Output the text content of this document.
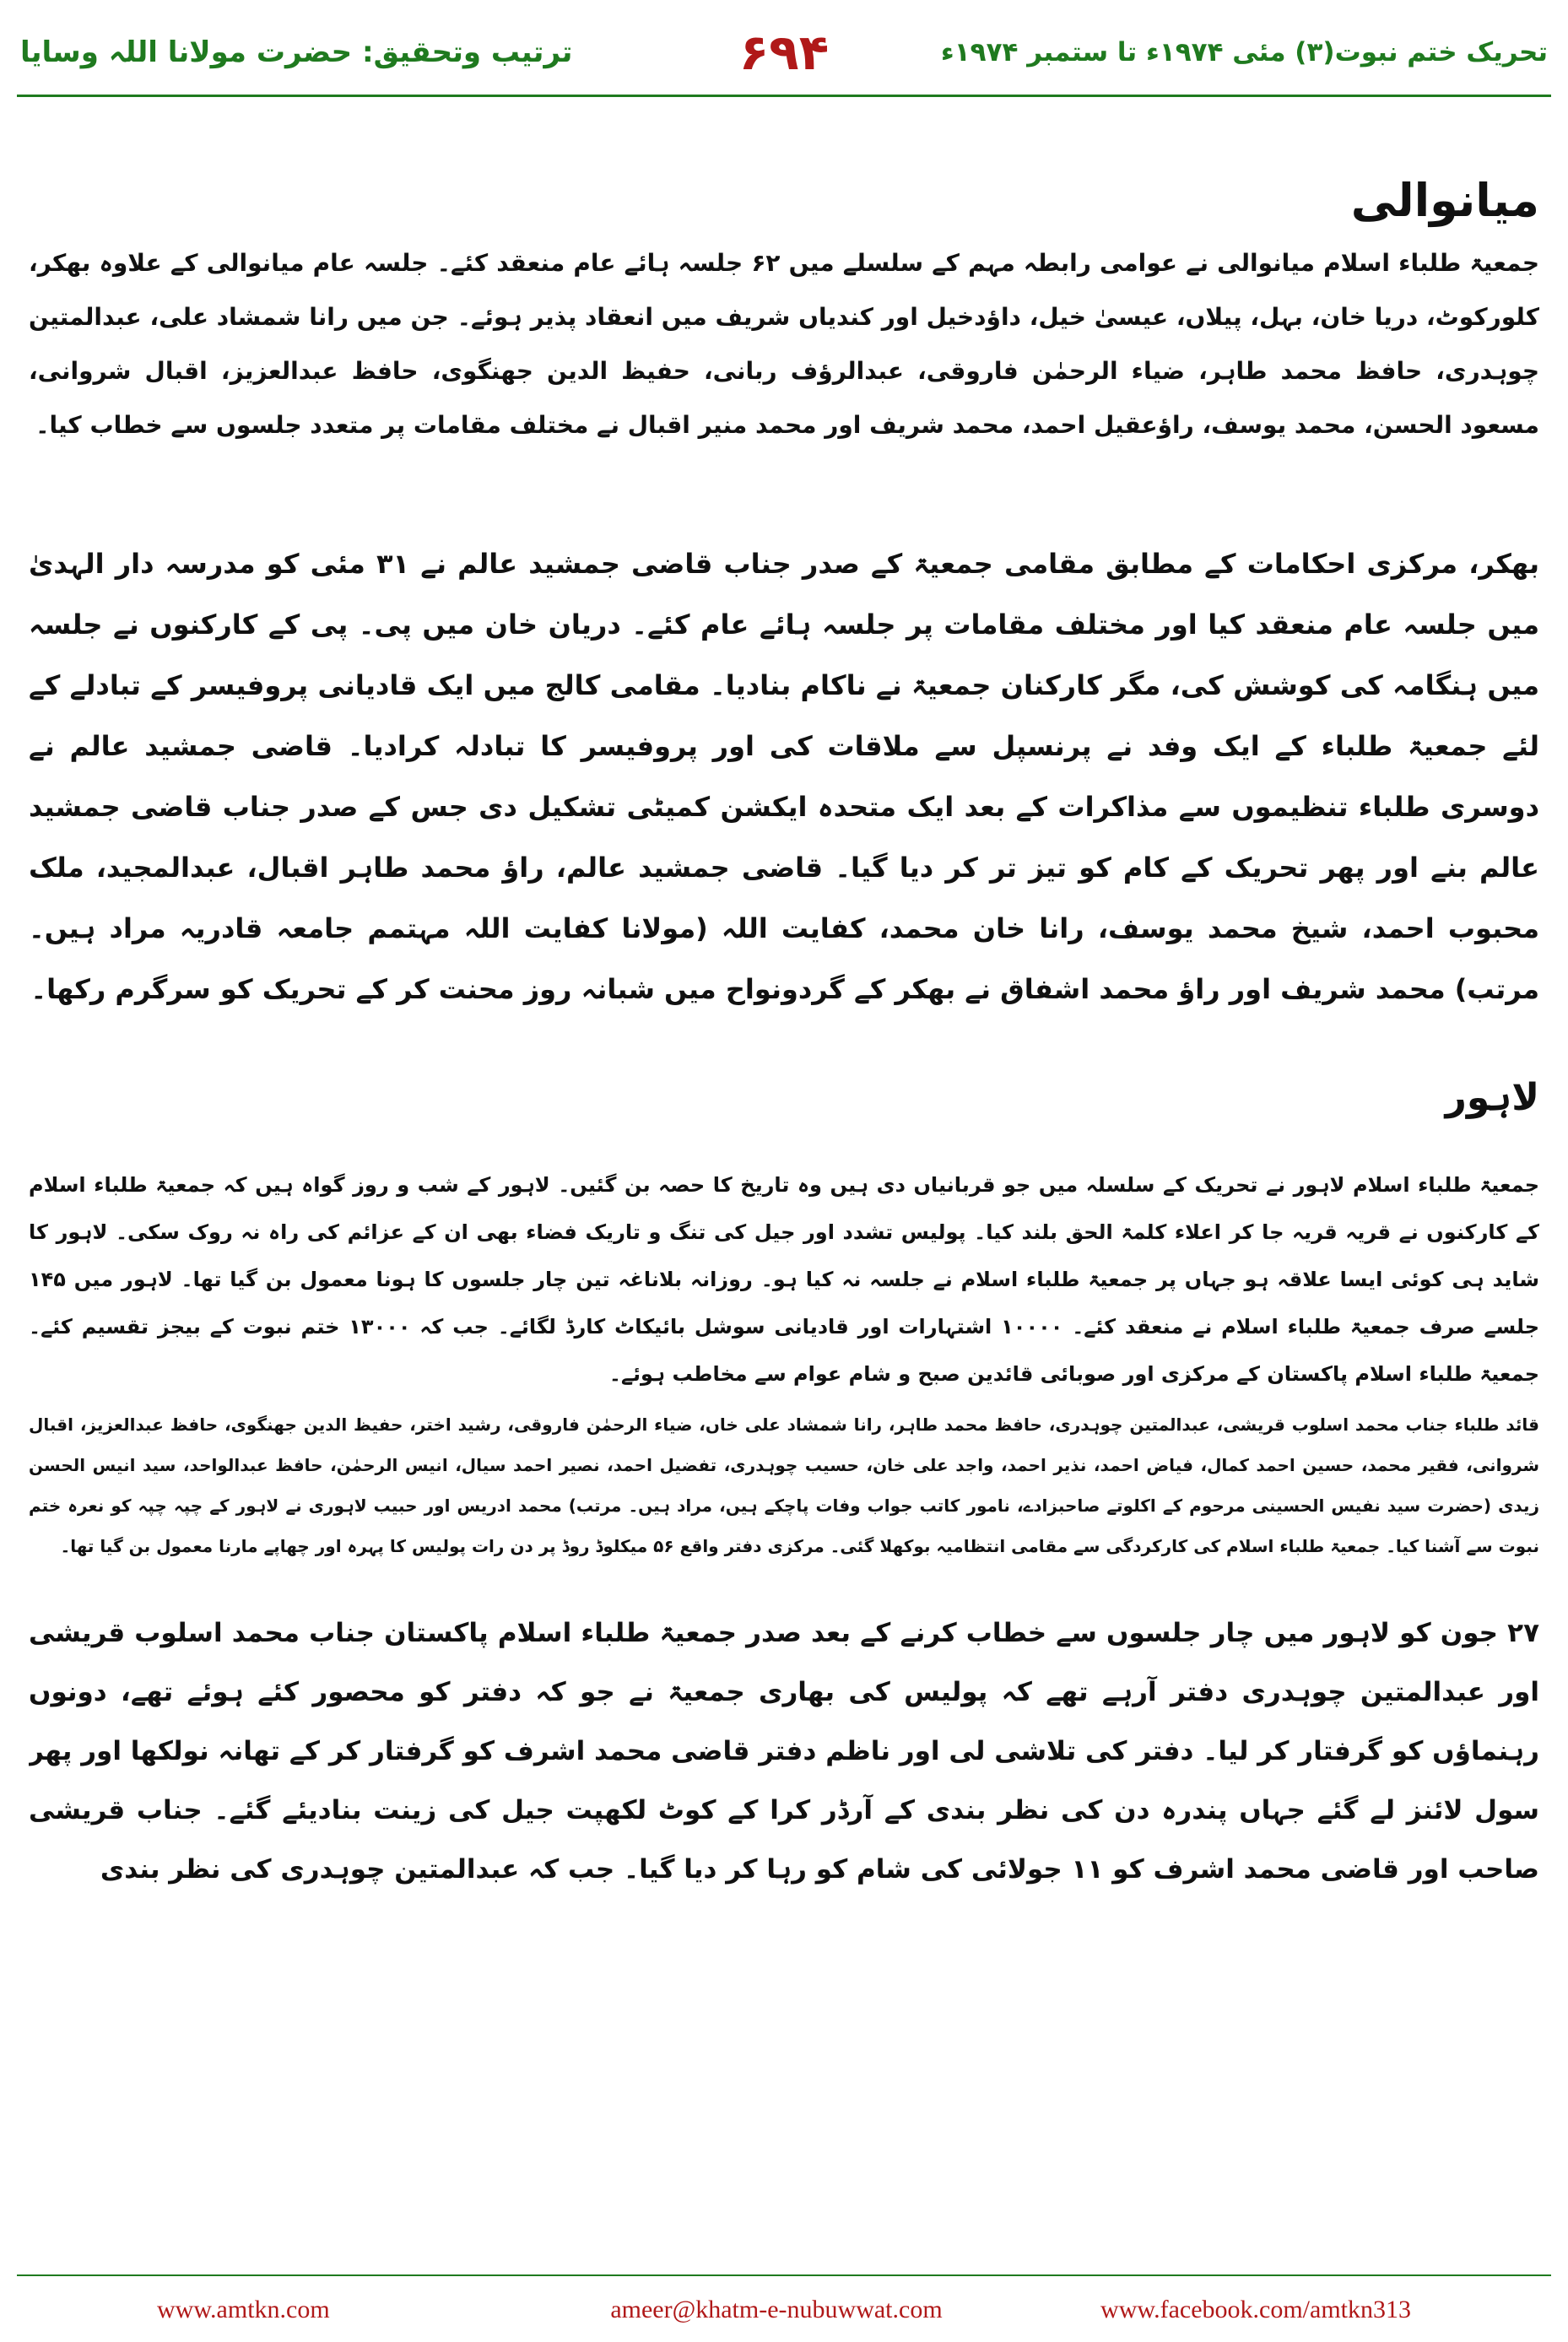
تحریک ختم نبوت(۳) مئی ۱۹۷۴ء تا ستمبر ۱۹۷۴ء
۶۹۴
ترتیب وتحقیق: حضرت مولانا اللہ وسایا
میانوالی
جمعیۃ طلباء اسلام میانوالی نے عوامی رابطہ مہم کے سلسلے میں ۶۲ جلسہ ہائے عام منعقد کئے۔ جلسہ عام میانوالی کے علاوہ بھکر، کلورکوٹ، دریا خان، بہل، پیلاں، عیسیٰ خیل، داؤدخیل اور کندیاں شریف میں انعقاد پذیر ہوئے۔ جن میں رانا شمشاد علی، عبدالمتین چوہدری، حافظ محمد طاہر، ضیاء الرحمٰن فاروقی، عبدالرؤف ربانی، حفیظ الدین جھنگوی، حافظ عبدالعزیز، اقبال شروانی، مسعود الحسن، محمد یوسف، راؤعقیل احمد، محمد شریف اور محمد منیر اقبال نے مختلف مقامات پر متعدد جلسوں سے خطاب کیا۔
بھکر، مرکزی احکامات کے مطابق مقامی جمعیۃ کے صدر جناب قاضی جمشید عالم نے ۳۱ مئی کو مدرسہ دار الہدیٰ میں جلسہ عام منعقد کیا اور مختلف مقامات پر جلسہ ہائے عام کئے۔ دریان خان میں پی۔ پی کے کارکنوں نے جلسہ میں ہنگامہ کی کوشش کی، مگر کارکنان جمعیۃ نے ناکام بنادیا۔ مقامی کالج میں ایک قادیانی پروفیسر کے تبادلے کے لئے جمعیۃ طلباء کے ایک وفد نے پرنسپل سے ملاقات کی اور پروفیسر کا تبادلہ کرادیا۔ قاضی جمشید عالم نے دوسری طلباء تنظیموں سے مذاکرات کے بعد ایک متحدہ ایکشن کمیٹی تشکیل دی جس کے صدر جناب قاضی جمشید عالم بنے اور پھر تحریک کے کام کو تیز تر کر دیا گیا۔ قاضی جمشید عالم، راؤ محمد طاہر اقبال، عبدالمجید، ملک محبوب احمد، شیخ محمد یوسف، رانا خان محمد، کفایت اللہ (مولانا کفایت اللہ مہتمم جامعہ قادریہ مراد ہیں۔ مرتب) محمد شریف اور راؤ محمد اشفاق نے بھکر کے گردونواح میں شبانہ روز محنت کر کے تحریک کو سرگرم رکھا۔
لاہور
جمعیۃ طلباء اسلام لاہور نے تحریک کے سلسلہ میں جو قربانیاں دی ہیں وہ تاریخ کا حصہ بن گئیں۔ لاہور کے شب و روز گواہ ہیں کہ جمعیۃ طلباء اسلام کے کارکنوں نے قریہ قریہ جا کر اعلاء کلمۃ الحق بلند کیا۔ پولیس تشدد اور جیل کی تنگ و تاریک فضاء بھی ان کے عزائم کی راہ نہ روک سکی۔ لاہور کا شاید ہی کوئی ایسا علاقہ ہو جہاں پر جمعیۃ طلباء اسلام نے جلسہ نہ کیا ہو۔ روزانہ بلاناغہ تین چار جلسوں کا ہونا معمول بن گیا تھا۔ لاہور میں ۱۴۵ جلسے صرف جمعیۃ طلباء اسلام نے منعقد کئے۔ ۱۰۰۰۰ اشتہارات اور قادیانی سوشل بائیکاٹ کارڈ لگائے۔ جب کہ ۱۳۰۰۰ ختم نبوت کے بیجز تقسیم کئے۔ جمعیۃ طلباء اسلام پاکستان کے مرکزی اور صوبائی قائدین صبح و شام عوام سے مخاطب ہوئے۔
قائد طلباء جناب محمد اسلوب قریشی، عبدالمتین چوہدری، حافظ محمد طاہر، رانا شمشاد علی خاں، ضیاء الرحمٰن فاروقی، رشید اختر، حفیظ الدین جھنگوی، حافظ عبدالعزیز، اقبال شروانی، فقیر محمد، حسین احمد کمال، فیاض احمد، نذیر احمد، واجد علی خان، حسیب چوہدری، تفضیل احمد، نصیر احمد سیال، انیس الرحمٰن، حافظ عبدالواحد، سید انیس الحسن زیدی (حضرت سید نفیس الحسینی مرحوم کے اکلوتے صاحبزادے، نامور کاتب جواب وفات پاچکے ہیں، مراد ہیں۔ مرتب) محمد ادریس اور حبیب لاہوری نے لاہور کے چپہ چپہ کو نعرہ ختم نبوت سے آشنا کیا۔ جمعیۃ طلباء اسلام کی کارکردگی سے مقامی انتظامیہ بوکھلا گئی۔ مرکزی دفتر واقع ۵۶ میکلوڈ روڈ پر دن رات پولیس کا پہرہ اور چھاپے مارنا معمول بن گیا تھا۔
۲۷ جون کو لاہور میں چار جلسوں سے خطاب کرنے کے بعد صدر جمعیۃ طلباء اسلام پاکستان جناب محمد اسلوب قریشی اور عبدالمتین چوہدری دفتر آرہے تھے کہ پولیس کی بھاری جمعیۃ نے جو کہ دفتر کو محصور کئے ہوئے تھے، دونوں رہنماؤں کو گرفتار کر لیا۔ دفتر کی تلاشی لی اور ناظم دفتر قاضی محمد اشرف کو گرفتار کر کے تھانہ نولکھا اور پھر سول لائنز لے گئے جہاں پندرہ دن کی نظر بندی کے آرڈر کرا کے کوٹ لکھپت جیل کی زینت بنادیئے گئے۔ جناب قریشی صاحب اور قاضی محمد اشرف کو ۱۱ جولائی کی شام کو رہا کر دیا گیا۔ جب کہ عبدالمتین چوہدری کی نظر بندی
www.amtkn.com	ameer@khatm-e-nubuwwat.com	www.facebook.com/amtkn313
